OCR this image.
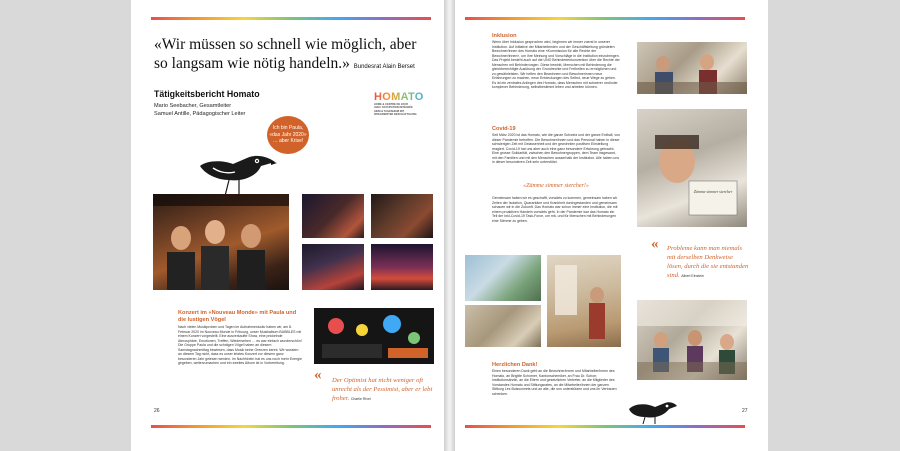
«Wir müssen so schnell wie möglich, aber so langsam wie nötig handeln.» Bundesrat Alain Berset
Tätigkeitsbericht Homato
Mario Seebacher, Gesamtleiter
Samuel Antille, Pädagogischer Leiter
HOMATO
HOME & CENTRE DE JOUR
AVEC OCCUPATION INTÉGRÉE
HEIM & TAGESHEIM MIT
INTEGRIERTER BESCHÄFTIGUNG
Ich bin Paula, «das Jahr 2020» … aber Krise!
Konzert im «Nouveau Monde» mit Paula und die lustigen Vögel
Nach vielen Musikproben und Tagen im Aufnahmestudio haben wir, am 8. Februar 2020 im Nouveau Monde in Fribourg, unser Musikalbum BUBBLES mit einem Konzert vorgestellt. Eine ausverkaufte Show, eine prickelnde Atmosphäre, Emotionen, Treffen, Wiedersehen … es war einfach wunderschön! Die Gruppe Paula und die schrägen Vögel haben an diesem Samstagnachmittag bewiesen, dass Musik keine Grenzen kennt. Wir wussten an diesem Tag nicht, dass es unser letztes Konzert vor diesem ganz besonderen Jahr gelesen werden. Im Nachhinein hat es uns noch mehr Energie gegeben, weiterzumachen und ein zweites Album ist in Vorbereitung.
« Der Optimist hat nicht weniger oft unrecht als der Pessimist, aber er lebt froher. Charlie Rivel
26
Inklusion
Wenn über Inklusion gesprochen wird, beginnen wir immer zuerst in unserer Institution. Auf Initiative der Mitarbeitenden und der Geschäftsleitung gründeten Bewohner/innen des Homato eine «Kommission für alle Rechte der Bewohner/innen», um ihre Meinung und Vorschläge in die Institution einzubringen. Das Projekt besteht auch auf die UNO Behindertenkonvention über die Rechte der Menschen mit Behinderungen. Diese bewirkt, Menschen mit Behinderung die gleichberechtigte Ausübung der Grundrechte und Freiheiten zu ermöglichen und zu gewährleisten. Wir helfen den Bewohnern und Bewohnerinnen neue Erfahrungen zu machen, neue Entdeckungen des Selbst, neue Wege zu gehen. Es ist ein zentrales Anliegen des Homato, dass Menschen mit schwerer und/oder komplexer Behinderung, selbstbestimmt leben und arbeiten können.
Covid-19
Seit März 2020 ist das Homato, wie die ganze Schweiz und der ganze Erdball, von dieser Pandemie betroffen. Die Bewohner/innen und das Personal haben in dieser schwierigen Zeit mit Gelassenheit und der gewohnten positiven Einstellung reagiert. Covid-19 hat uns aber auch eine ganz besondere Erfahrung gebracht. Eine grosse Solidarität, zwischen den Bewohnergruppen, dem Team insgesamt, mit den Familien und mit den Menschen ausserhalb der Institution. Alle haben uns in dieser besonderen Zeit sehr unterstützt.
«Zämme simmer stercher!»
Gemeinsam haben wir es geschafft, vorwärts zu kommen, gemeinsam haben wir Zeiten der Isolation, Quarantäne und Krankheit durchgestanden und gemeinsam schauen wir in die Zukunft. Das Homato war schon immer eine Institution, die mit einem proaktiven Handeln vorwärts geht. In der Pandemie war das Homato ein Teil der Inkl-Covid-19 Task-Force, um mit- und für Menschen mit Behinderungen eine Stimme zu geben.
Zämme simmer stercher
« Probleme kann man niemals mit derselben Denkweise lösen, durch die sie entstanden sind. Albert Einstein
Herzlichen Dank!
Einen besonderen Dank geht an die Bewohner/innen und Mitarbeiter/innen des Homato, an Brigitte Schorner, Kantonschemiker, an Frau Dr. Schorr, Institutionsärztin, an die Eltern und gesetzlichen Vertreter, an die Mitglieder des Vorstandes Homato und Stiftungsrates, an die Mitarbeiter/innen der ganzen Stiftung Les Buissonnets und an alle, die uns unterstützen und uns ihr Vertrauen schenken.
27
